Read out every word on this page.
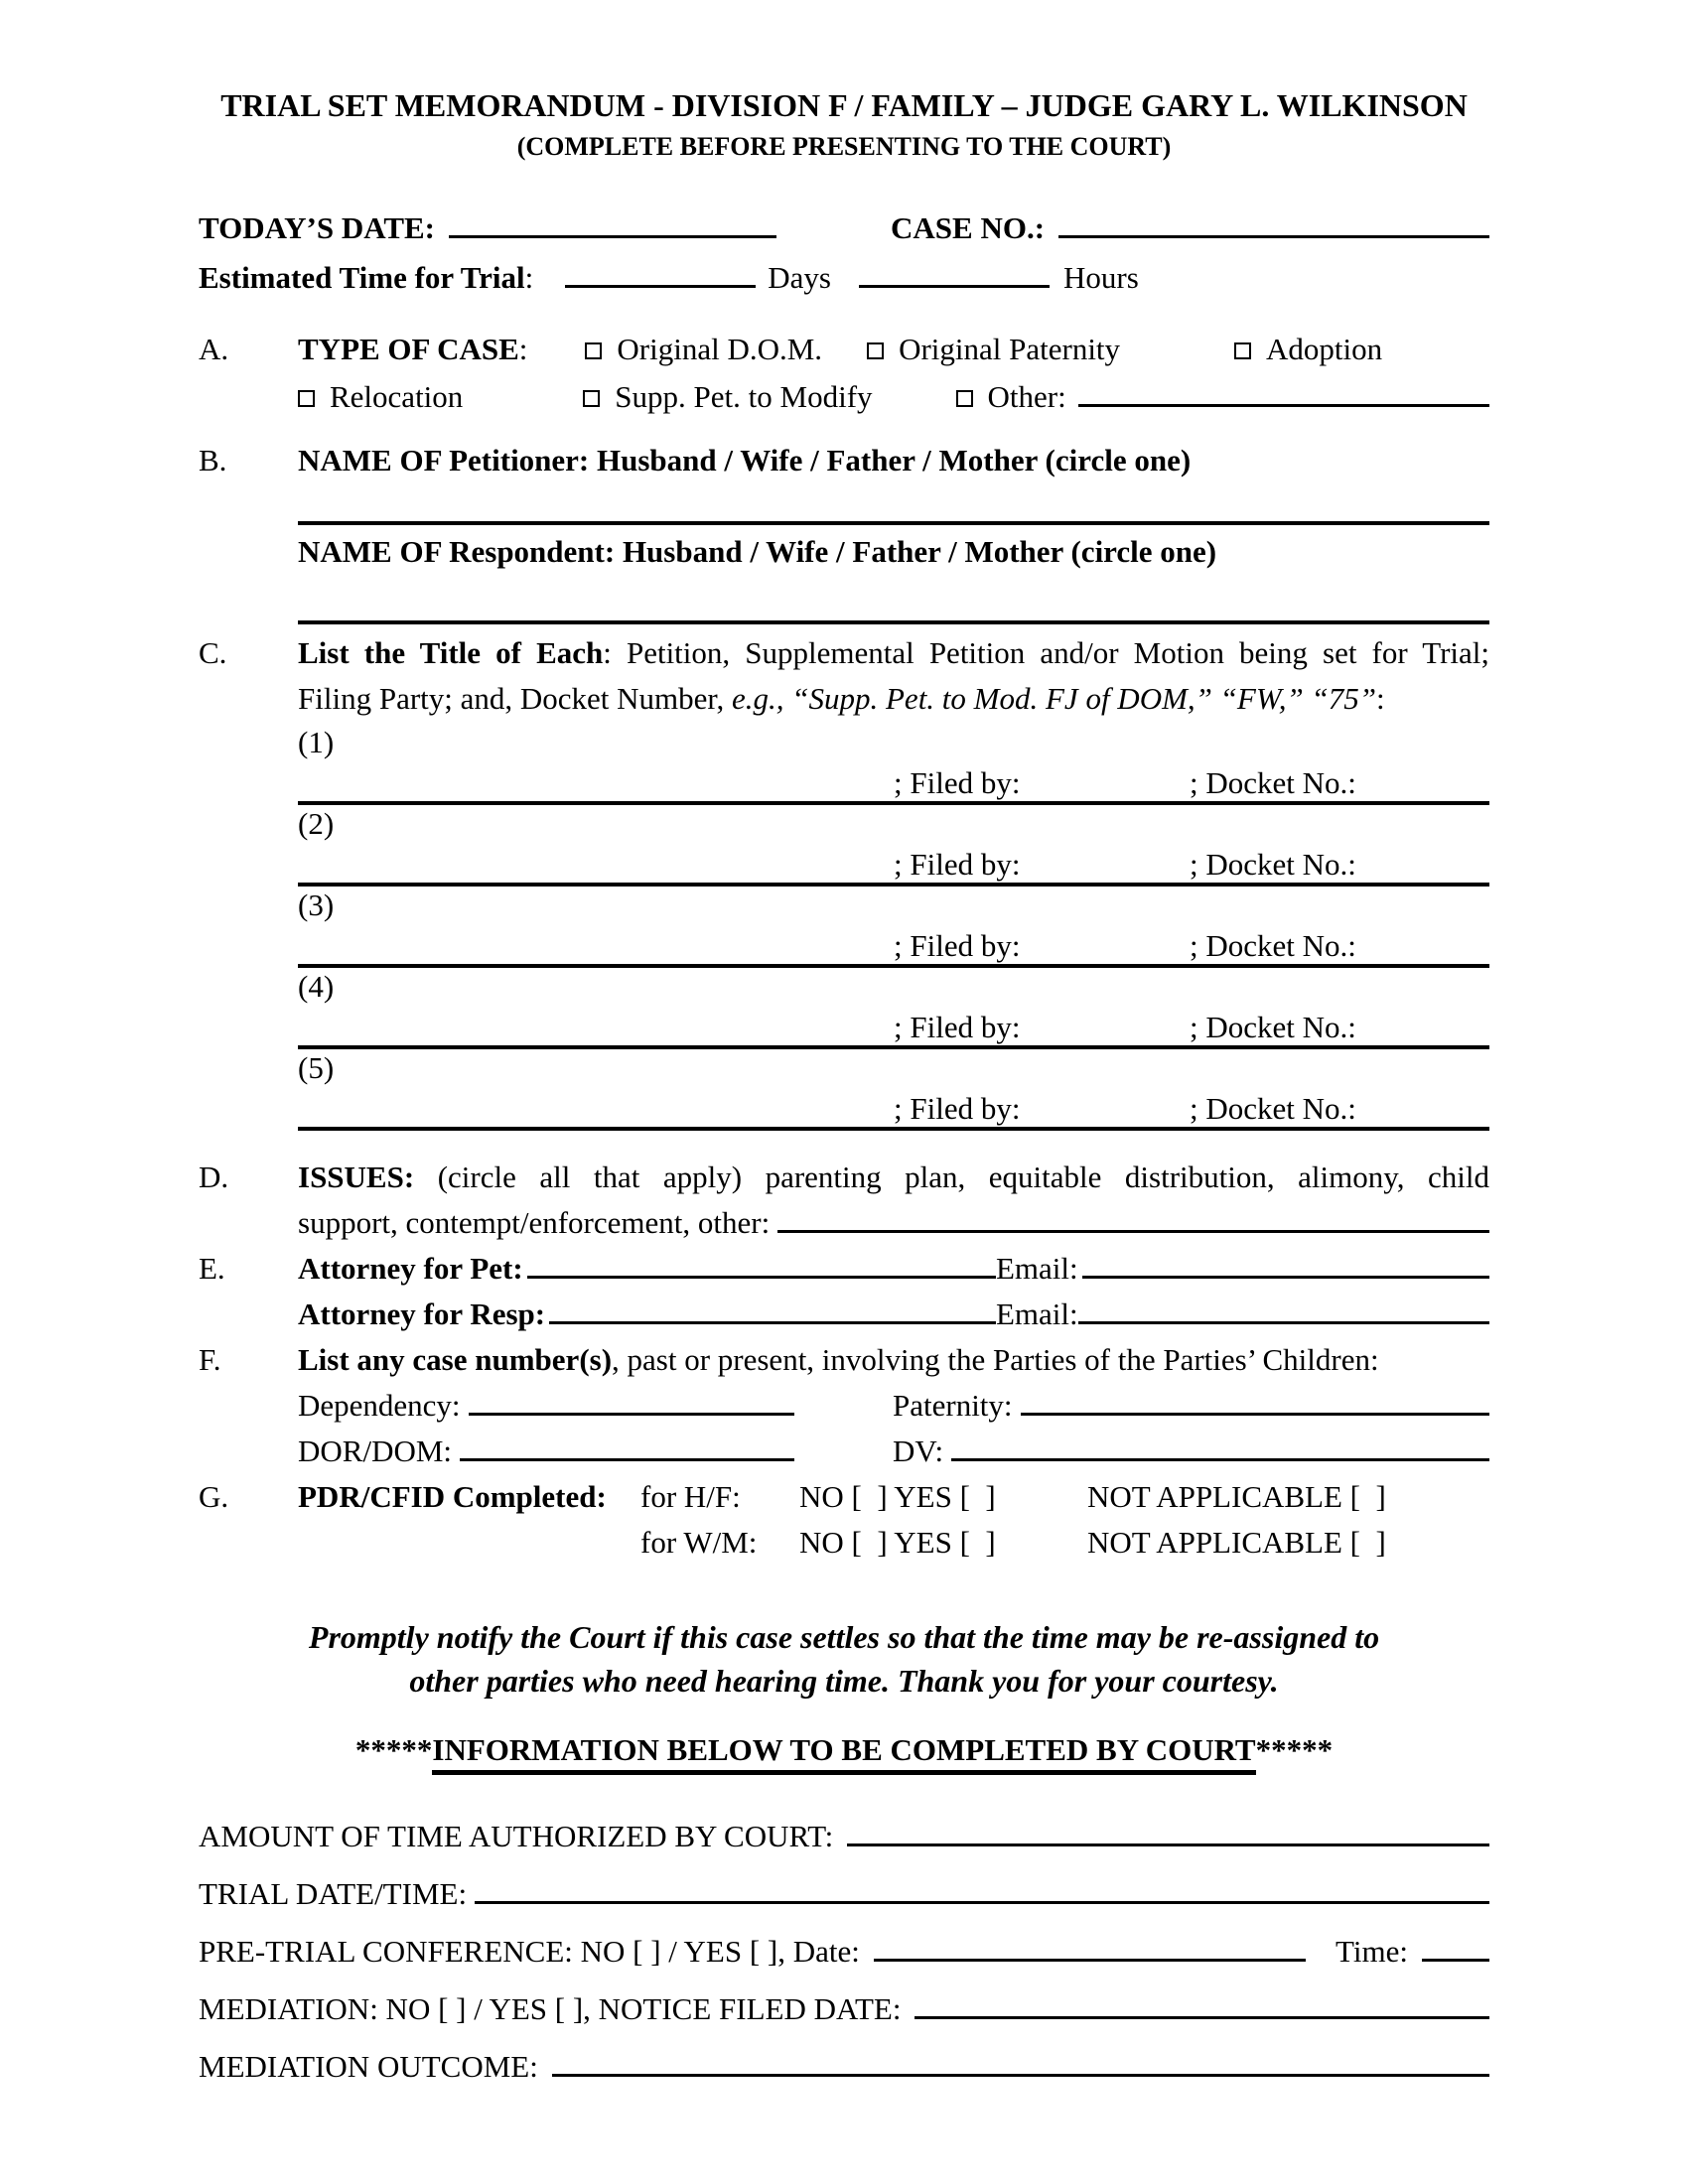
TRIAL SET MEMORANDUM - DIVISION F / FAMILY – JUDGE GARY L. WILKINSON
(COMPLETE BEFORE PRESENTING TO THE COURT)
TODAY’S DATE:	CASE NO.:
Estimated Time for Trial:	Days	Hours
A.	TYPE OF CASE:	Original D.O.M.	Original Paternity	Adoption
Relocation	Supp. Pet. to Modify	Other:
B.	NAME OF Petitioner: Husband / Wife / Father / Mother (circle one)
NAME OF Respondent: Husband / Wife / Father / Mother (circle one)
C.	List the Title of Each: Petition, Supplemental Petition and/or Motion being set for Trial;
Filing Party; and, Docket Number, e.g., “Supp. Pet. to Mod. FJ of DOM,” “FW,” “75”:
(1)
; Filed by:	; Docket No.:
(2)
; Filed by:	; Docket No.:
(3)
; Filed by:	; Docket No.:
(4)
; Filed by:	; Docket No.:
(5)
; Filed by:	; Docket No.:
D.	ISSUES: (circle all that apply) parenting plan, equitable distribution, alimony, child
support, contempt/enforcement, other:
E.	Attorney for Pet:	Email:
Attorney for Resp:	Email:
F.	List any case number(s), past or present, involving the Parties of the Parties’ Children:
Dependency:	Paternity:
DOR/DOM:	DV:
G.	PDR/CFID Completed:	for H/F:	NO [  ] YES [  ]	NOT APPLICABLE [  ]
for W/M:	NO [  ] YES [  ]	NOT APPLICABLE [  ]
Promptly notify the Court if this case settles so that the time may be re-assigned to
other parties who need hearing time. Thank you for your courtesy.
*****INFORMATION BELOW TO BE COMPLETED BY COURT*****
AMOUNT OF TIME AUTHORIZED BY COURT:
TRIAL DATE/TIME:
PRE-TRIAL CONFERENCE: NO [ ] / YES [ ], Date:	Time:
MEDIATION: NO [ ] / YES [ ], NOTICE FILED DATE:
MEDIATION OUTCOME:
